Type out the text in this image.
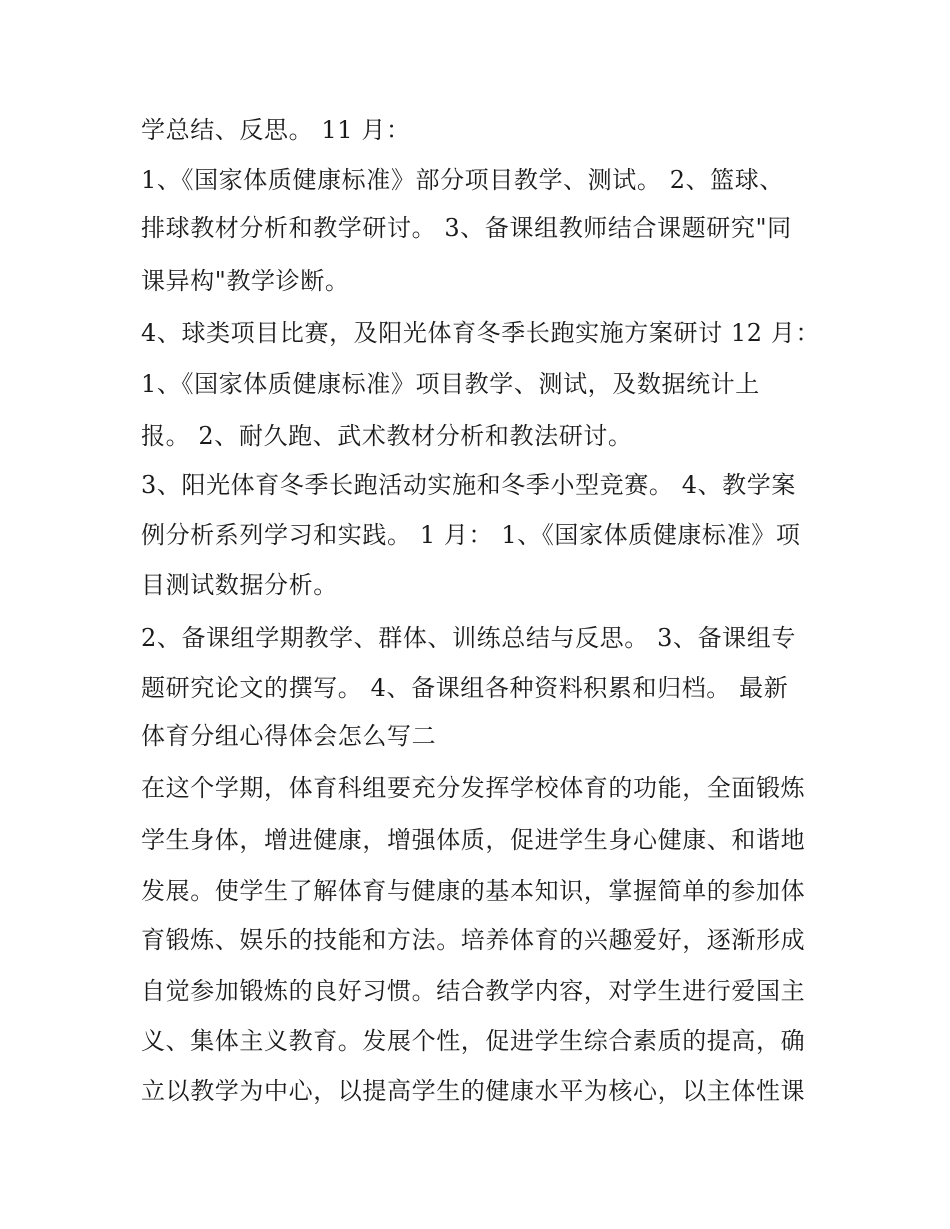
学总结、反思。 11 月：
1、《国家体质健康标准》部分项目教学、测试。 2、篮球、
排球教材分析和教学研讨。 3、备课组教师结合课题研究"同
课异构"教学诊断。
4、球类项目比赛，及阳光体育冬季长跑实施方案研讨 12 月：
1、《国家体质健康标准》项目教学、测试，及数据统计上
报。 2、耐久跑、武术教材分析和教法研讨。
3、阳光体育冬季长跑活动实施和冬季小型竞赛。 4、教学案
例分析系列学习和实践。 1 月： 1、《国家体质健康标准》项
目测试数据分析。
2、备课组学期教学、群体、训练总结与反思。 3、备课组专
题研究论文的撰写。 4、备课组各种资料积累和归档。 最新
体育分组心得体会怎么写二
在这个学期，体育科组要充分发挥学校体育的功能，全面锻炼
学生身体，增进健康，增强体质，促进学生身心健康、和谐地
发展。使学生了解体育与健康的基本知识，掌握简单的参加体
育锻炼、娱乐的技能和方法。培养体育的兴趣爱好，逐渐形成
自觉参加锻炼的良好习惯。结合教学内容，对学生进行爱国主
义、集体主义教育。发展个性，促进学生综合素质的提高，确
立以教学为中心，以提高学生的健康水平为核心，以主体性课
